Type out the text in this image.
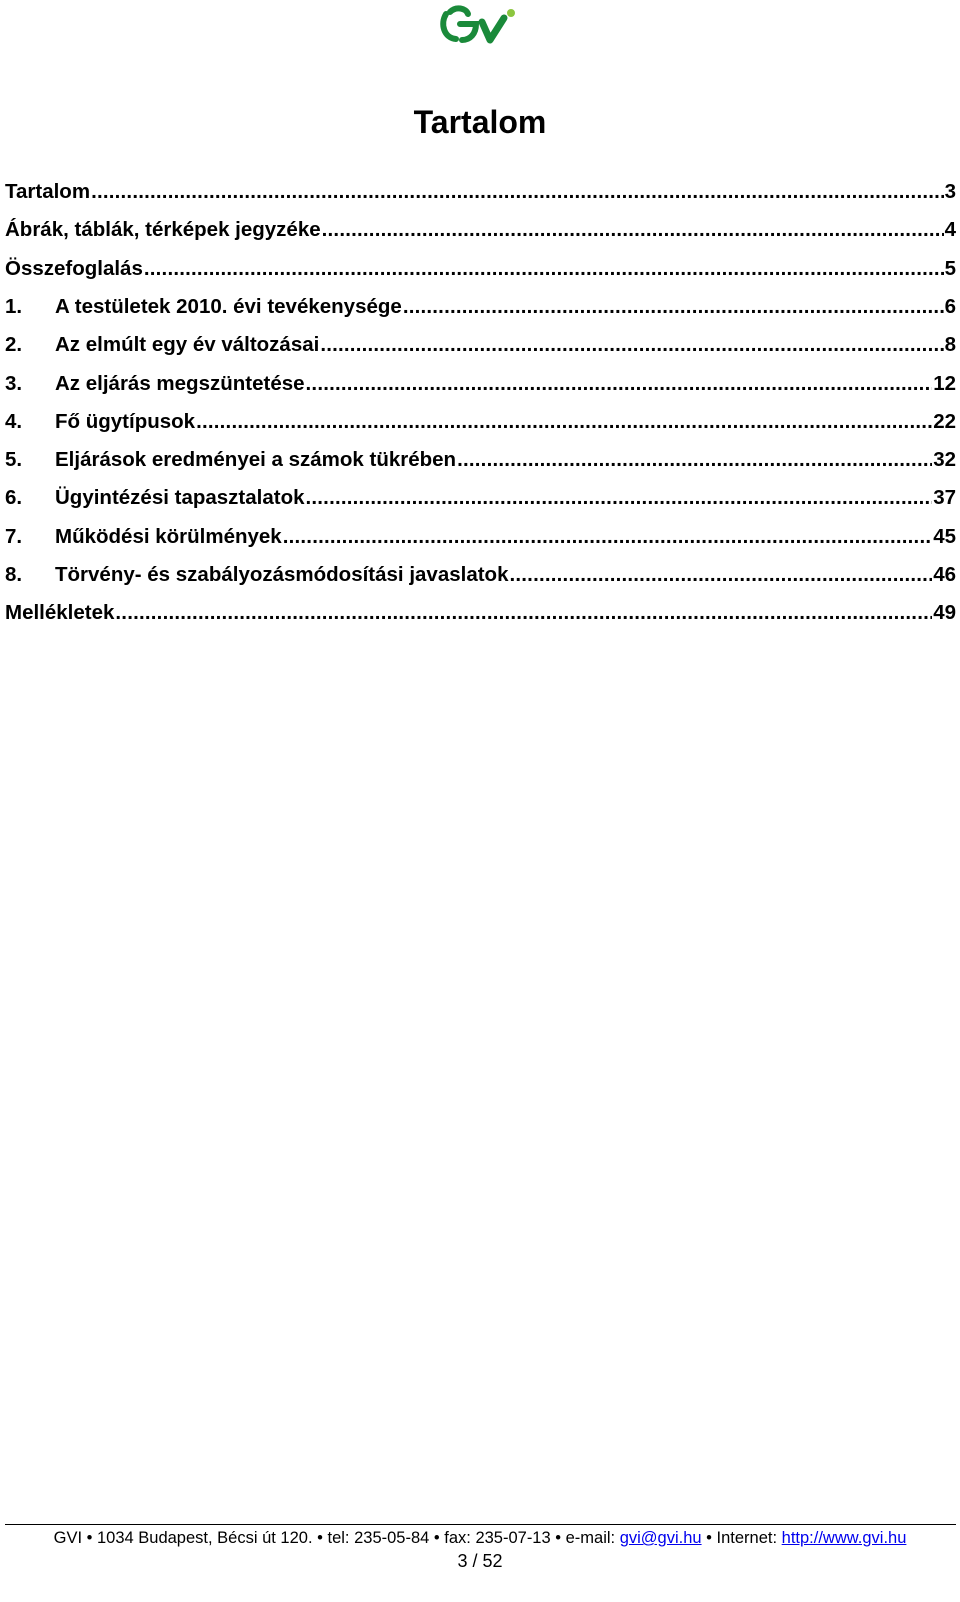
Tartalom
Tartalom .....	3
Ábrák, táblák, térképek jegyzéke .....	4
Összefoglalás .....	5
1.	A testületek 2010. évi tevékenysége .....	6
2.	Az elmúlt egy év változásai .....	8
3.	Az eljárás megszüntetése .....	12
4.	Fő ügytípusok .....	22
5.	Eljárások eredményei a számok tükrében .....	32
6.	Ügyintézési tapasztalatok .....	37
7.	Működési körülmények .....	45
8.	Törvény- és szabályozásmódosítási javaslatok .....	46
Mellékletek .....	49
GVI • 1034 Budapest, Bécsi út 120. • tel: 235-05-84 • fax: 235-07-13 • e-mail: gvi@gvi.hu • Internet: http://www.gvi.hu
3 / 52
